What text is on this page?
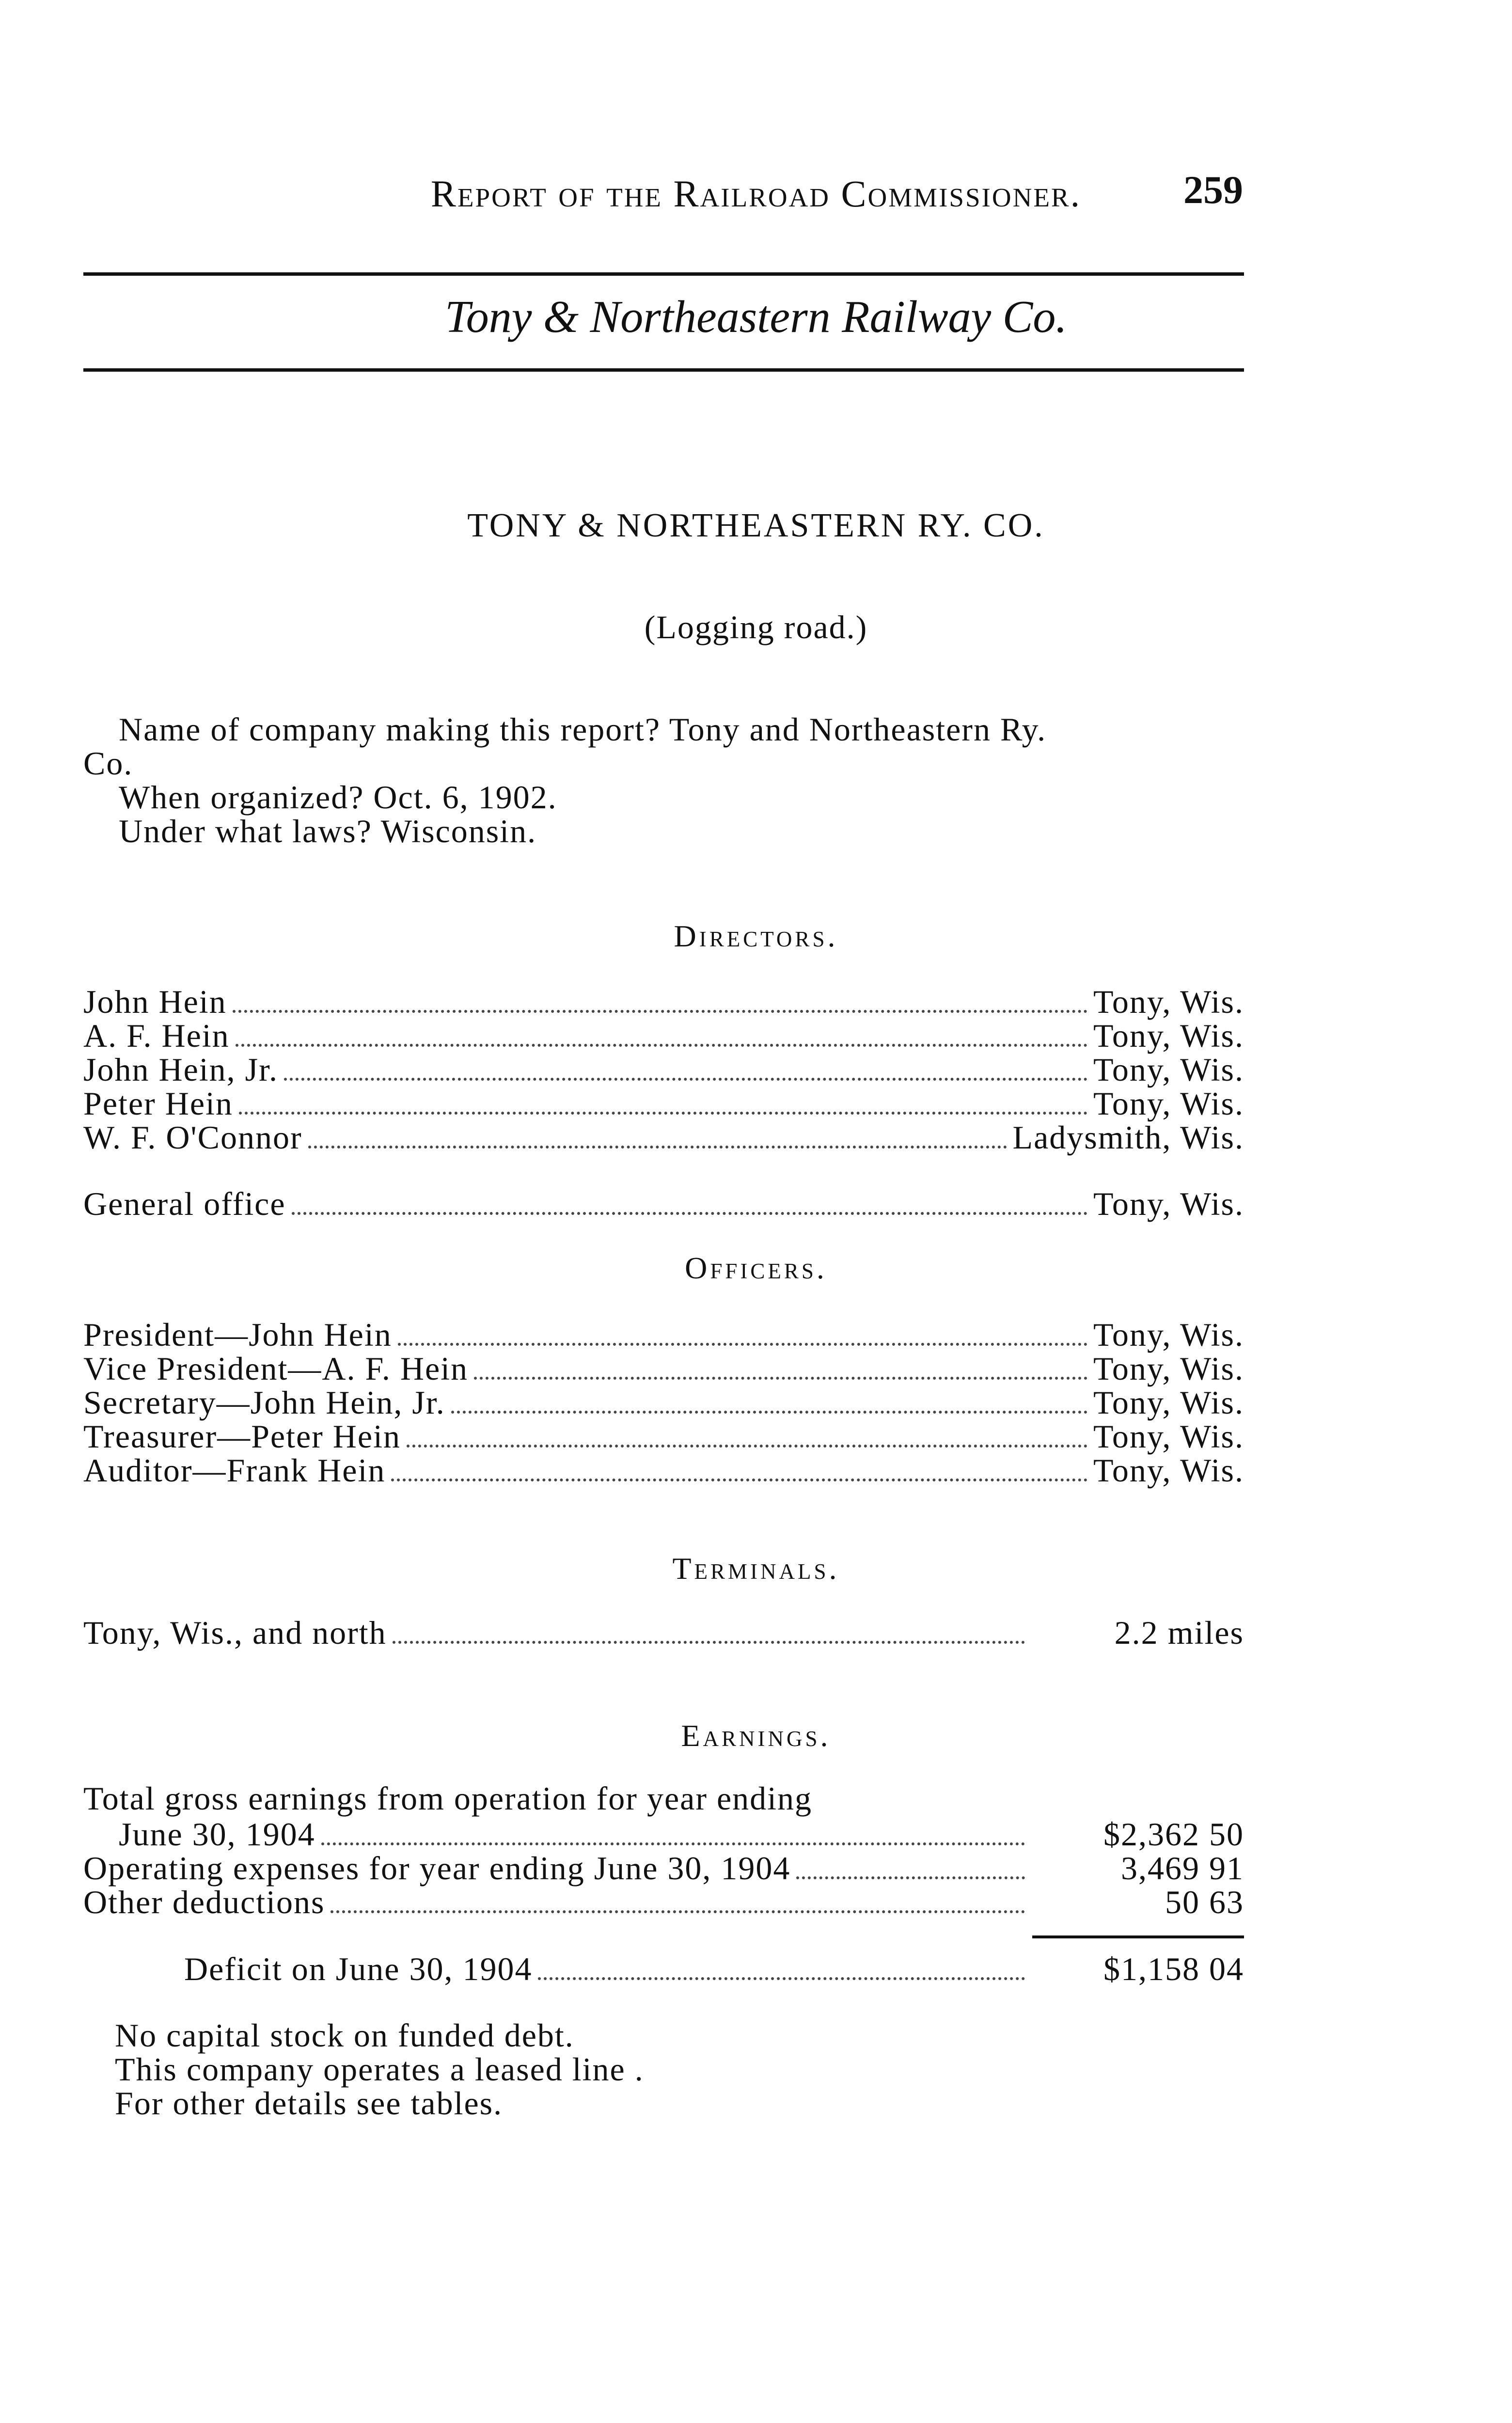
Report of the Railroad Commissioner.	259
Tony & Northeastern Railway Co.
TONY & NORTHEASTERN RY. CO.
(Logging road.)
Name of company making this report? Tony and Northeastern Ry.
Co.
When organized? Oct. 6, 1902.
Under what laws? Wisconsin.
Directors.
John Hein	Tony, Wis.
A. F. Hein	Tony, Wis.
John Hein, Jr.	Tony, Wis.
Peter Hein	Tony, Wis.
W. F. O'Connor	Ladysmith, Wis.
General office	Tony, Wis.
Officers.
President—John Hein	Tony, Wis.
Vice President—A. F. Hein	Tony, Wis.
Secretary—John Hein, Jr.	Tony, Wis.
Treasurer—Peter Hein	Tony, Wis.
Auditor—Frank Hein	Tony, Wis.
Terminals.
Tony, Wis., and north	2.2 miles
Earnings.
Total gross earnings from operation for year ending
June 30, 1904	$2,362 50
Operating expenses for year ending June 30, 1904	3,469 91
Other deductions	50 63
Deficit on June 30, 1904	$1,158 04
No capital stock on funded debt.
This company operates a leased line .
For other details see tables.
